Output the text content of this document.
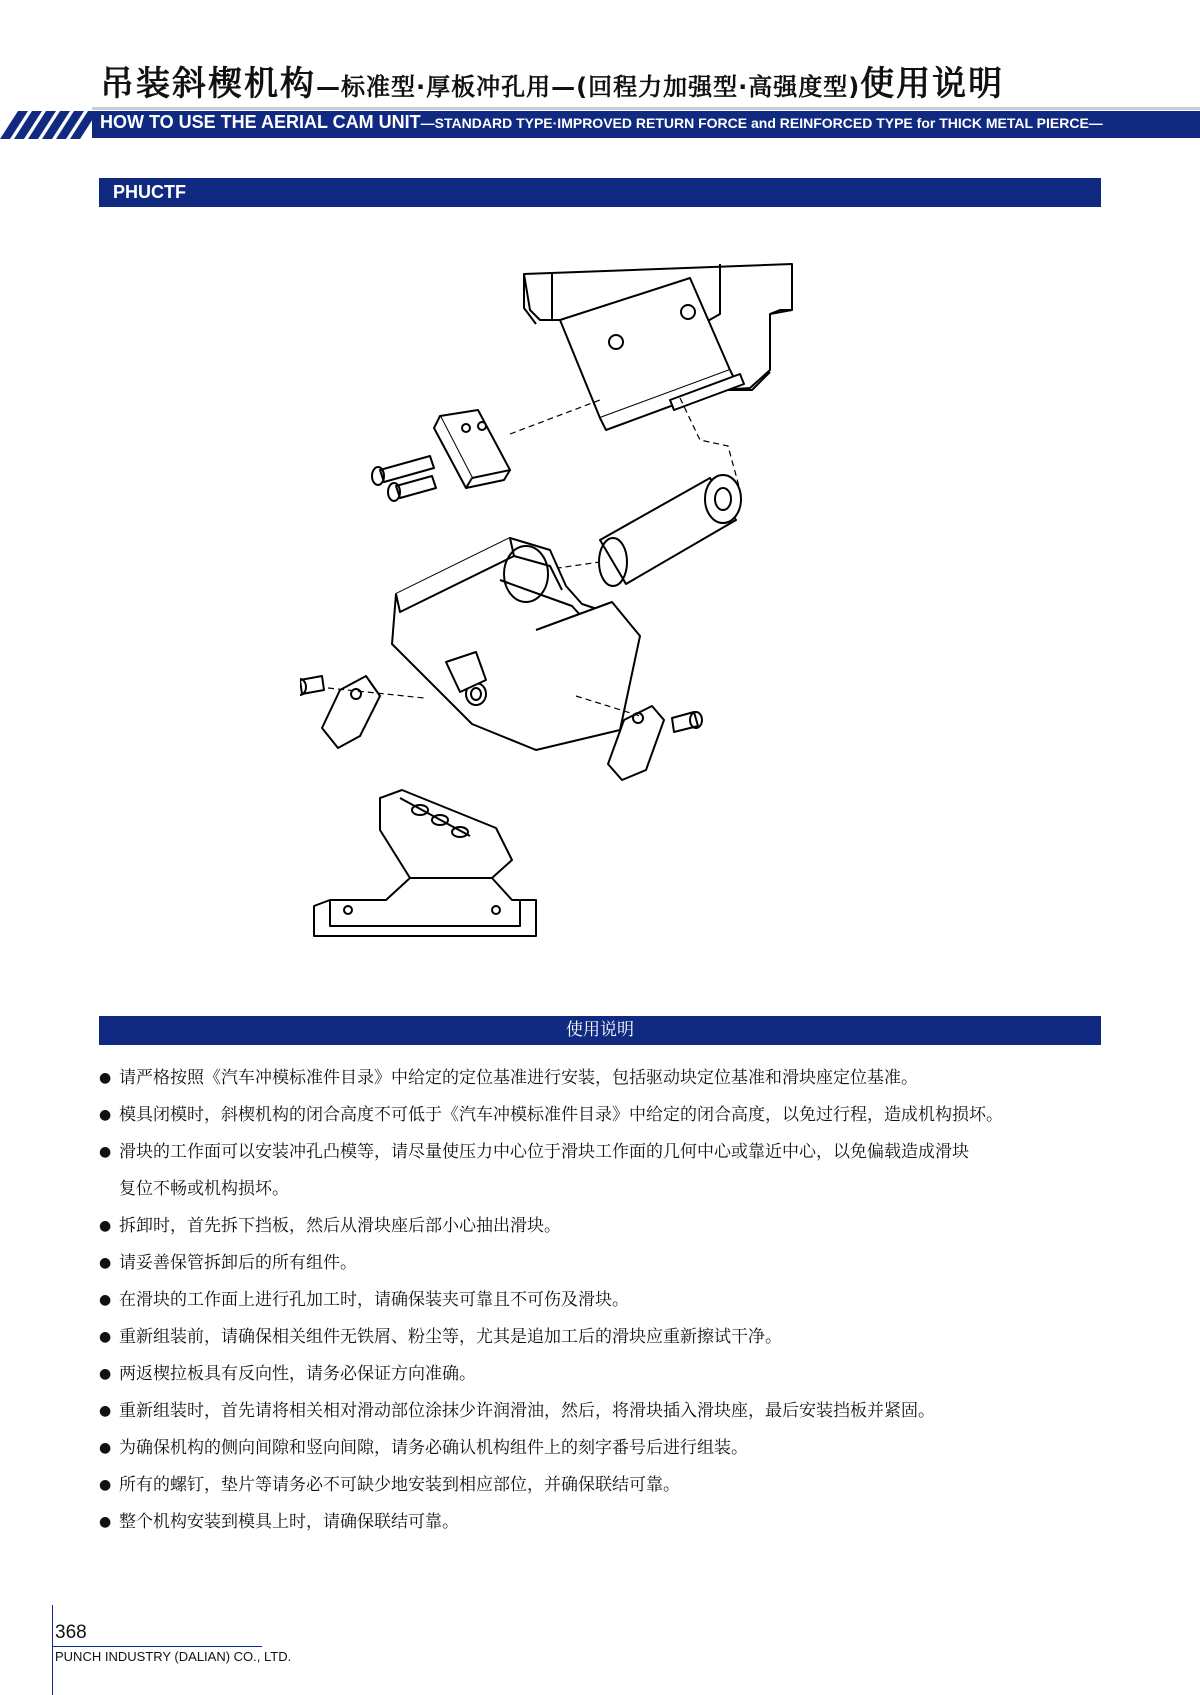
吊装斜楔机构—标准型·厚板冲孔用—(回程力加强型·高强度型)使用说明
HOW TO USE THE AERIAL CAM UNIT—STANDARD TYPE·IMPROVED RETURN FORCE and REINFORCED TYPE for THICK METAL PIERCE—
PHUCTF
使用说明
● 请严格按照《汽车冲模标准件目录》中给定的定位基准进行安装，包括驱动块定位基准和滑块座定位基准。
● 模具闭模时，斜楔机构的闭合高度不可低于《汽车冲模标准件目录》中给定的闭合高度，以免过行程，造成机构损坏。
● 滑块的工作面可以安装冲孔凸模等，请尽量使压力中心位于滑块工作面的几何中心或靠近中心，以免偏载造成滑块
复位不畅或机构损坏。
● 拆卸时，首先拆下挡板，然后从滑块座后部小心抽出滑块。
● 请妥善保管拆卸后的所有组件。
● 在滑块的工作面上进行孔加工时，请确保装夹可靠且不可伤及滑块。
● 重新组装前，请确保相关组件无铁屑、粉尘等，尤其是追加工后的滑块应重新擦试干净。
● 两返楔拉板具有反向性，请务必保证方向准确。
● 重新组装时，首先请将相关相对滑动部位涂抹少许润滑油，然后，将滑块插入滑块座，最后安装挡板并紧固。
● 为确保机构的侧向间隙和竖向间隙，请务必确认机构组件上的刻字番号后进行组装。
● 所有的螺钉，垫片等请务必不可缺少地安装到相应部位，并确保联结可靠。
● 整个机构安装到模具上时，请确保联结可靠。
368
PUNCH INDUSTRY (DALIAN) CO., LTD.
